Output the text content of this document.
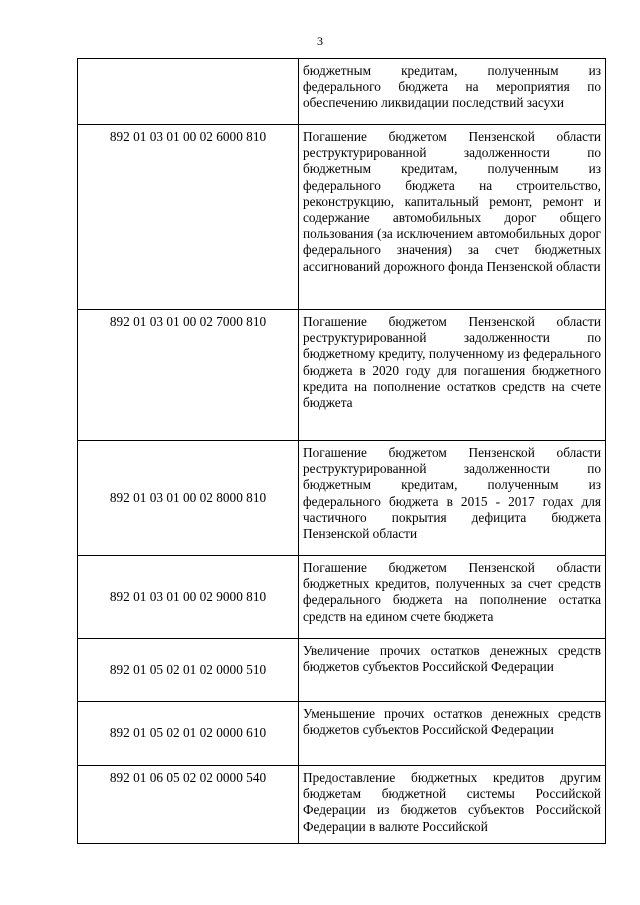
3
	бюджетным кредитам, полученным из федерального бюджета на мероприятия по обеспечению ликвидации последствий засухи
892 01 03 01 00 02 6000 810	Погашение бюджетом Пензенской области реструктурированной задолженности по бюджетным кредитам, полученным из федерального бюджета на строительство, реконструкцию, капитальный ремонт, ремонт и содержание автомобильных дорог общего пользования (за исключением автомобильных дорог федерального значения) за счет бюджетных ассигнований дорожного фонда Пензенской области
892 01 03 01 00 02 7000 810	Погашение бюджетом Пензенской области реструктурированной задолженности по бюджетному кредиту, полученному из федерального бюджета в 2020 году для погашения бюджетного кредита на пополнение остатков средств на счете бюджета
892 01 03 01 00 02 8000 810	Погашение бюджетом Пензенской области реструктурированной задолженности по бюджетным кредитам, полученным из федерального бюджета в 2015 - 2017 годах для частичного покрытия дефицита бюджета Пензенской области
892 01 03 01 00 02 9000 810	Погашение бюджетом Пензенской области бюджетных кредитов, полученных за счет средств федерального бюджета на пополнение остатка средств на едином счете бюджета
892 01 05 02 01 02 0000 510	Увеличение прочих остатков денежных средств бюджетов субъектов Российской Федерации
892 01 05 02 01 02 0000 610	Уменьшение прочих остатков денежных средств бюджетов субъектов Российской Федерации
892 01 06 05 02 02 0000 540	Предоставление бюджетных кредитов другим бюджетам бюджетной системы Российской Федерации из бюджетов субъектов Российской Федерации в валюте Российской
